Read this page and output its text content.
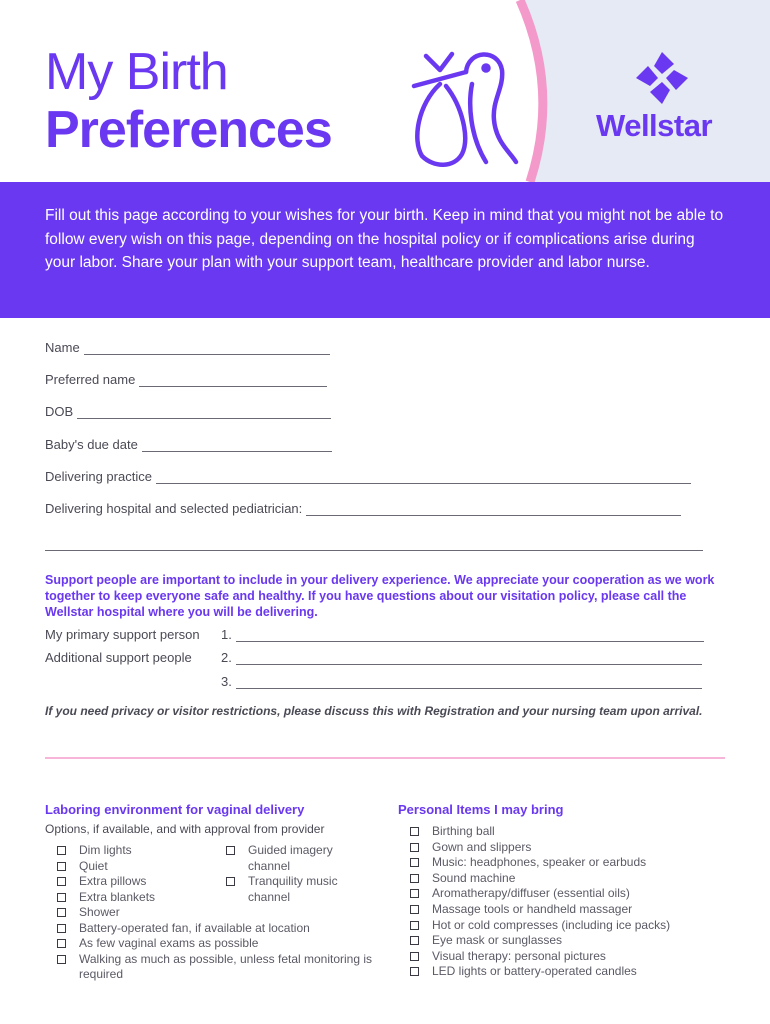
My Birth
Preferences	Wellstar

Fill out this page according to your wishes for your birth. Keep in mind that you might not be able to follow every wish on this page, depending on the hospital policy or if complications arise during your labor. Share your plan with your support team, healthcare provider and labor nurse.

Name
Preferred name
DOB
Baby's due date
Delivering practice
Delivering hospital and selected pediatrician:
Support people are important to include in your delivery experience. We appreciate your cooperation as we work together to keep everyone safe and healthy. If you have questions about our visitation policy, please call the Wellstar hospital where you will be delivering.
My primary support person 1.
Additional support people 2.
3.
If you need privacy or visitor restrictions, please discuss this with Registration and your nursing team upon arrival.
Laboring environment for vaginal delivery
Options, if available, and with approval from provider
Dim lights
Quiet
Extra pillows
Extra blankets
Guided imagery channel
Tranquility music channel
Shower
Battery-operated fan, if available at location
As few vaginal exams as possible
Walking as much as possible, unless fetal monitoring is required
Personal Items I may bring
Birthing ball
Gown and slippers
Music: headphones, speaker or earbuds
Sound machine
Aromatherapy/diffuser (essential oils)
Massage tools or handheld massager
Hot or cold compresses (including ice packs)
Eye mask or sunglasses
Visual therapy: personal pictures
LED lights or battery-operated candles
